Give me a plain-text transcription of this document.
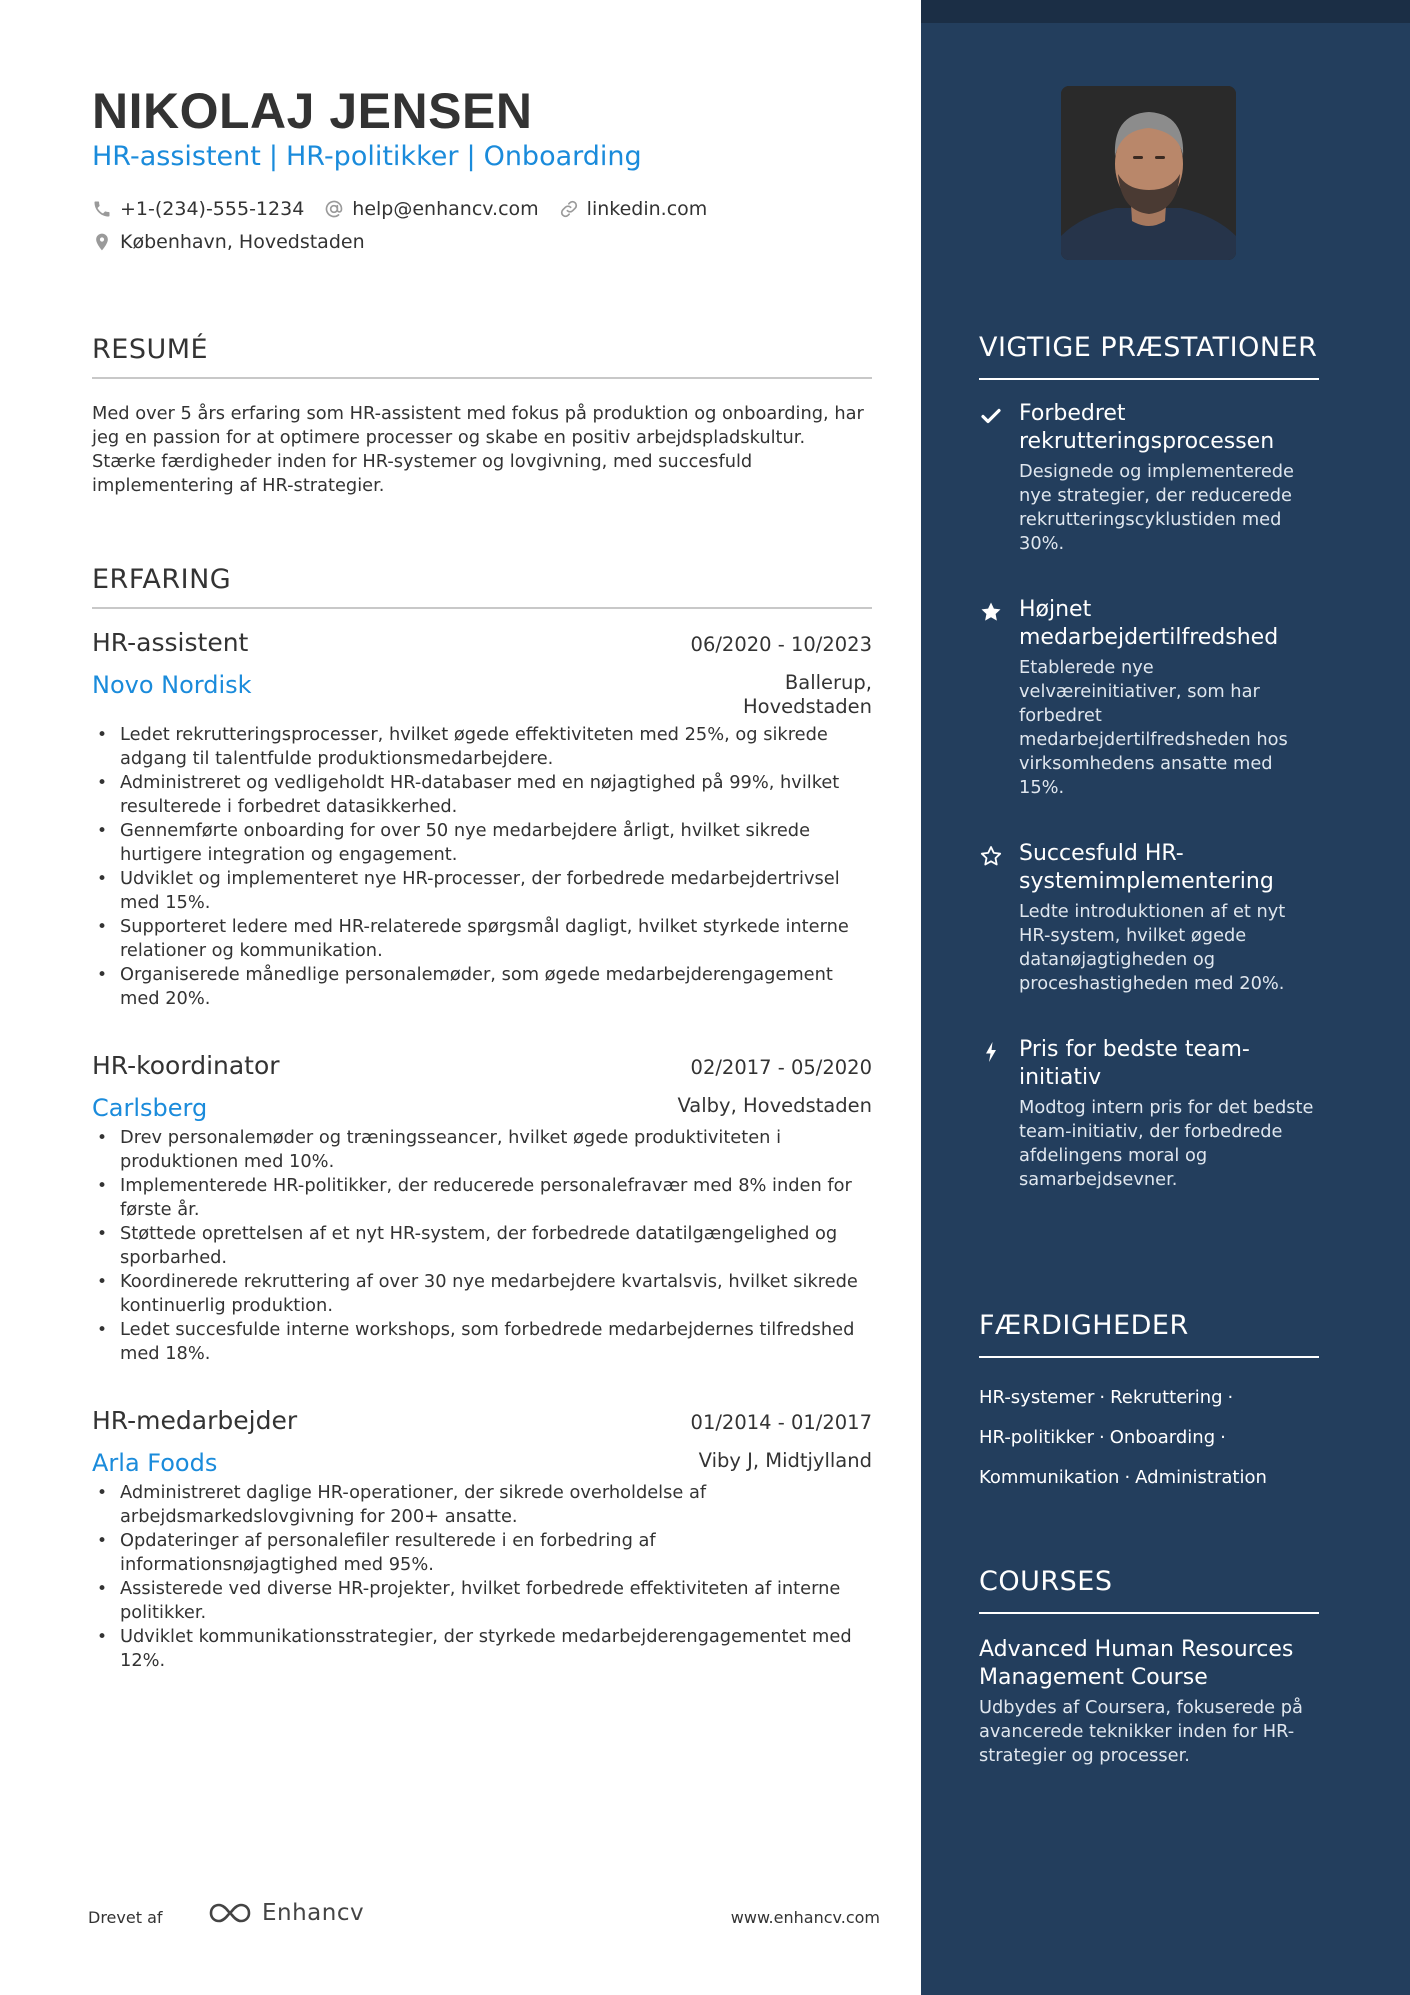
NIKOLAJ JENSEN
HR-assistent | HR-politikker | Onboarding
+1-(234)-555-1234	help@enhancv.com	linkedin.com
København, Hovedstaden
RESUMÉ

Med over 5 års erfaring som HR-assistent med fokus på produktion og onboarding, har jeg en passion for at optimere processer og skabe en positiv arbejdspladskultur. Stærke færdigheder inden for HR-systemer og lovgivning, med succesfuld implementering af HR-strategier.

ERFARING
HR-assistent	06/2020 - 10/2023
Novo Nordisk	Ballerup, Hovedstaden
• Ledet rekrutteringsprocesser, hvilket øgede effektiviteten med 25%, og sikrede adgang til talentfulde produktionsmedarbejdere.
• Administreret og vedligeholdt HR-databaser med en nøjagtighed på 99%, hvilket resulterede i forbedret datasikkerhed.
• Gennemførte onboarding for over 50 nye medarbejdere årligt, hvilket sikrede hurtigere integration og engagement.
• Udviklet og implementeret nye HR-processer, der forbedrede medarbejdertrivsel med 15%.
• Supporteret ledere med HR-relaterede spørgsmål dagligt, hvilket styrkede interne relationer og kommunikation.
• Organiserede månedlige personalemøder, som øgede medarbejderengagement med 20%.
HR-koordinator	02/2017 - 05/2020
Carlsberg	Valby, Hovedstaden
• Drev personalemøder og træningsseancer, hvilket øgede produktiviteten i produktionen med 10%.
• Implementerede HR-politikker, der reducerede personalefravær med 8% inden for første år.
• Støttede oprettelsen af et nyt HR-system, der forbedrede datatilgængelighed og sporbarhed.
• Koordinerede rekruttering af over 30 nye medarbejdere kvartalsvis, hvilket sikrede kontinuerlig produktion.
• Ledet succesfulde interne workshops, som forbedrede medarbejdernes tilfredshed med 18%.
HR-medarbejder	01/2014 - 01/2017
Arla Foods	Viby J, Midtjylland
• Administreret daglige HR-operationer, der sikrede overholdelse af arbejdsmarkedslovgivning for 200+ ansatte.
• Opdateringer af personalefiler resulterede i en forbedring af informationsnøjagtighed med 95%.
• Assisterede ved diverse HR-projekter, hvilket forbedrede effektiviteten af interne politikker.
• Udviklet kommunikationsstrategier, der styrkede medarbejderengagementet med 12%.
Drevet af	Enhancv	www.enhancv.com
VIGTIGE PRÆSTATIONER
Forbedret rekrutteringsprocessen
Designede og implementerede nye strategier, der reducerede rekrutteringscyklustiden med 30%.
Højnet medarbejdertilfredshed
Etablerede nye velværeinitiativer, som har forbedret medarbejdertilfredsheden hos virksomhedens ansatte med 15%.
Succesfuld HR-systemimplementering
Ledte introduktionen af et nyt HR-system, hvilket øgede datanøjagtigheden og proceshastigheden med 20%.
Pris for bedste team-initiativ
Modtog intern pris for det bedste team-initiativ, der forbedrede afdelingens moral og samarbejdsevner.
FÆRDIGHEDER
HR-systemer · Rekruttering ·
HR-politikker · Onboarding ·
Kommunikation · Administration
COURSES
Advanced Human Resources Management Course
Udbydes af Coursera, fokuserede på avancerede teknikker inden for HR-strategier og processer.
